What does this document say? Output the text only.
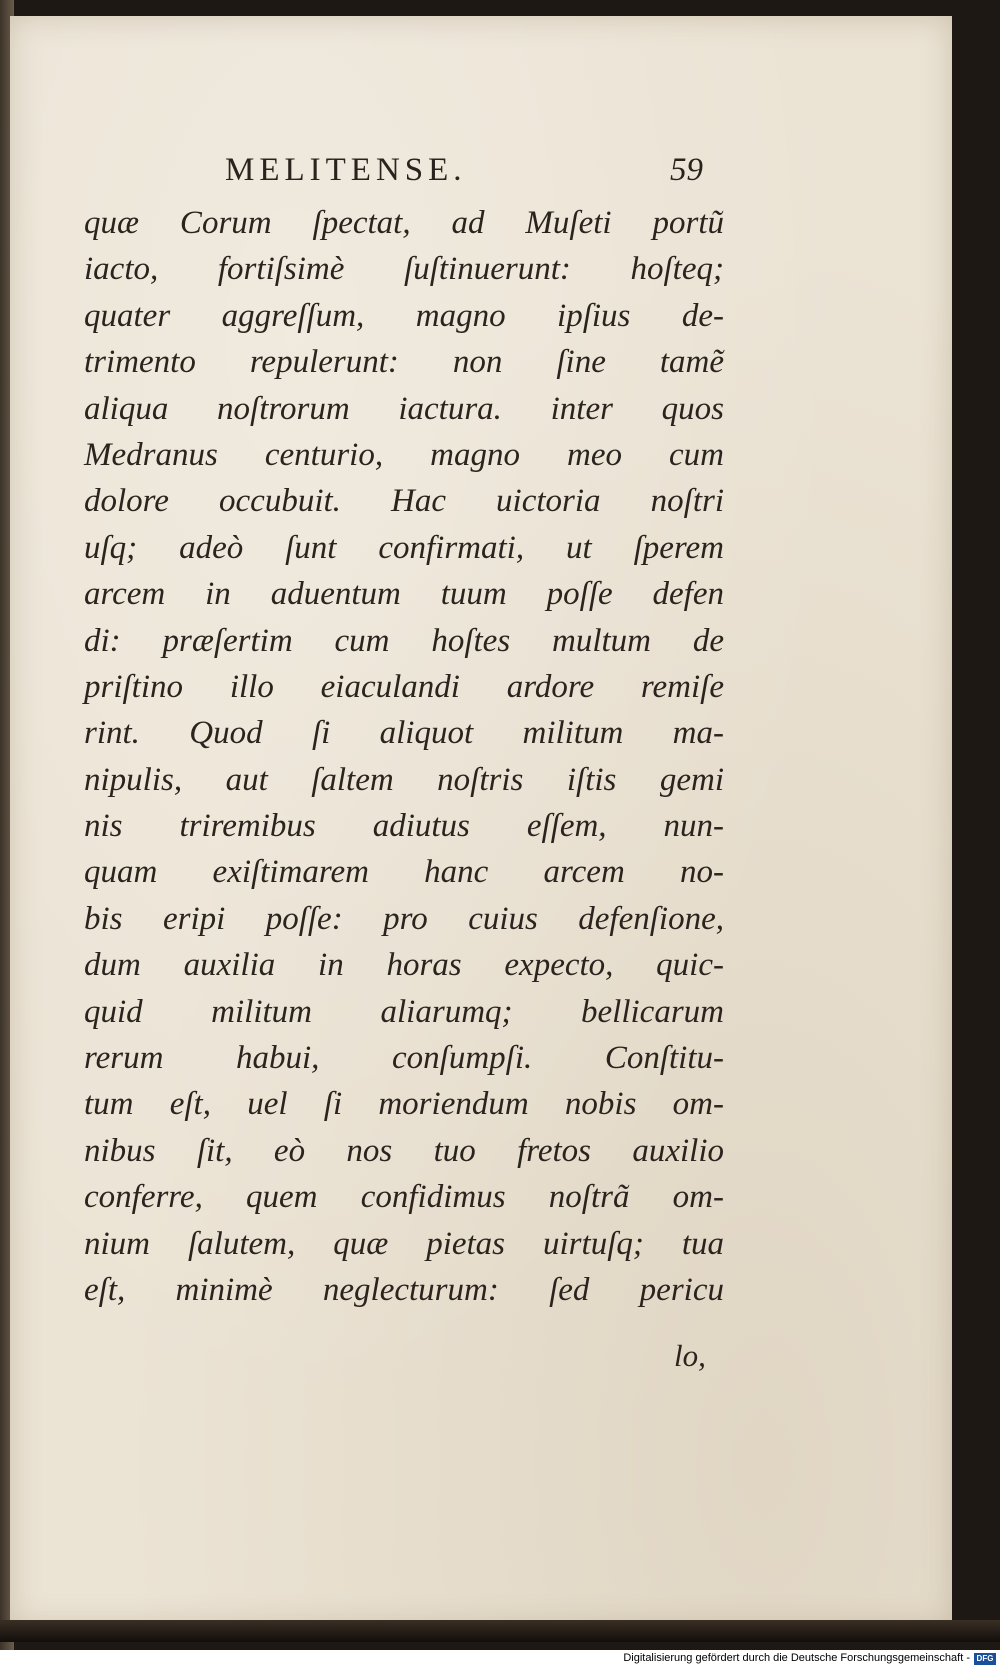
MELITENSE.	59
quæ Corum ſpectat, ad Muſeti portũ
iacto, fortiſsimè ſuſtinuerunt: hoſteq;
quater aggreſſum, magno ipſius de-
trimento repulerunt: non ſine tamẽ
aliqua noſtrorum iactura. inter quos
Medranus centurio, magno meo cum
dolore occubuit. Hac uictoria noſtri
uſq; adeò ſunt confirmati, ut ſperem
arcem in aduentum tuum poſſe defen
di: præſertim cum hoſtes multum de
priſtino illo eiaculandi ardore remiſe
rint. Quod ſi aliquot militum ma-
nipulis, aut ſaltem noſtris iſtis gemi
nis triremibus adiutus eſſem, nun-
quam exiſtimarem hanc arcem no-
bis eripi poſſe: pro cuius defenſione,
dum auxilia in horas expecto, quic-
quid militum aliarumq; bellicarum
rerum habui, conſumpſi. Conſtitu-
tum eſt, uel ſi moriendum nobis om-
nibus ſit, eò nos tuo fretos auxilio
conferre, quem confidimus noſtrã om-
nium ſalutem, quæ pietas uirtuſq; tua
eſt, minimè neglecturum: ſed pericu
lo,
Digitalisierung gefördert durch die Deutsche Forschungsgemeinschaft - DFG
